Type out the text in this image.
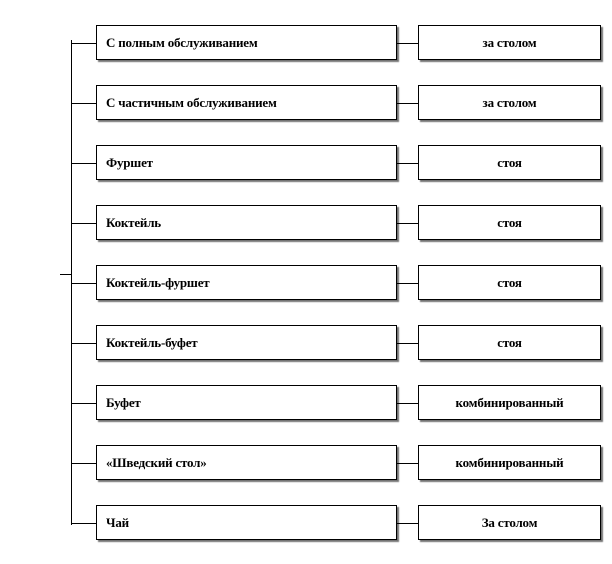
С полным обслуживанием	за столом
С частичным обслуживанием	за столом
Фуршет	стоя
Коктейль	стоя
Коктейль-фуршет	стоя
Коктейль-буфет	стоя
Буфет	комбинированный
«Шведский стол»	комбинированный
Чай	За столом
